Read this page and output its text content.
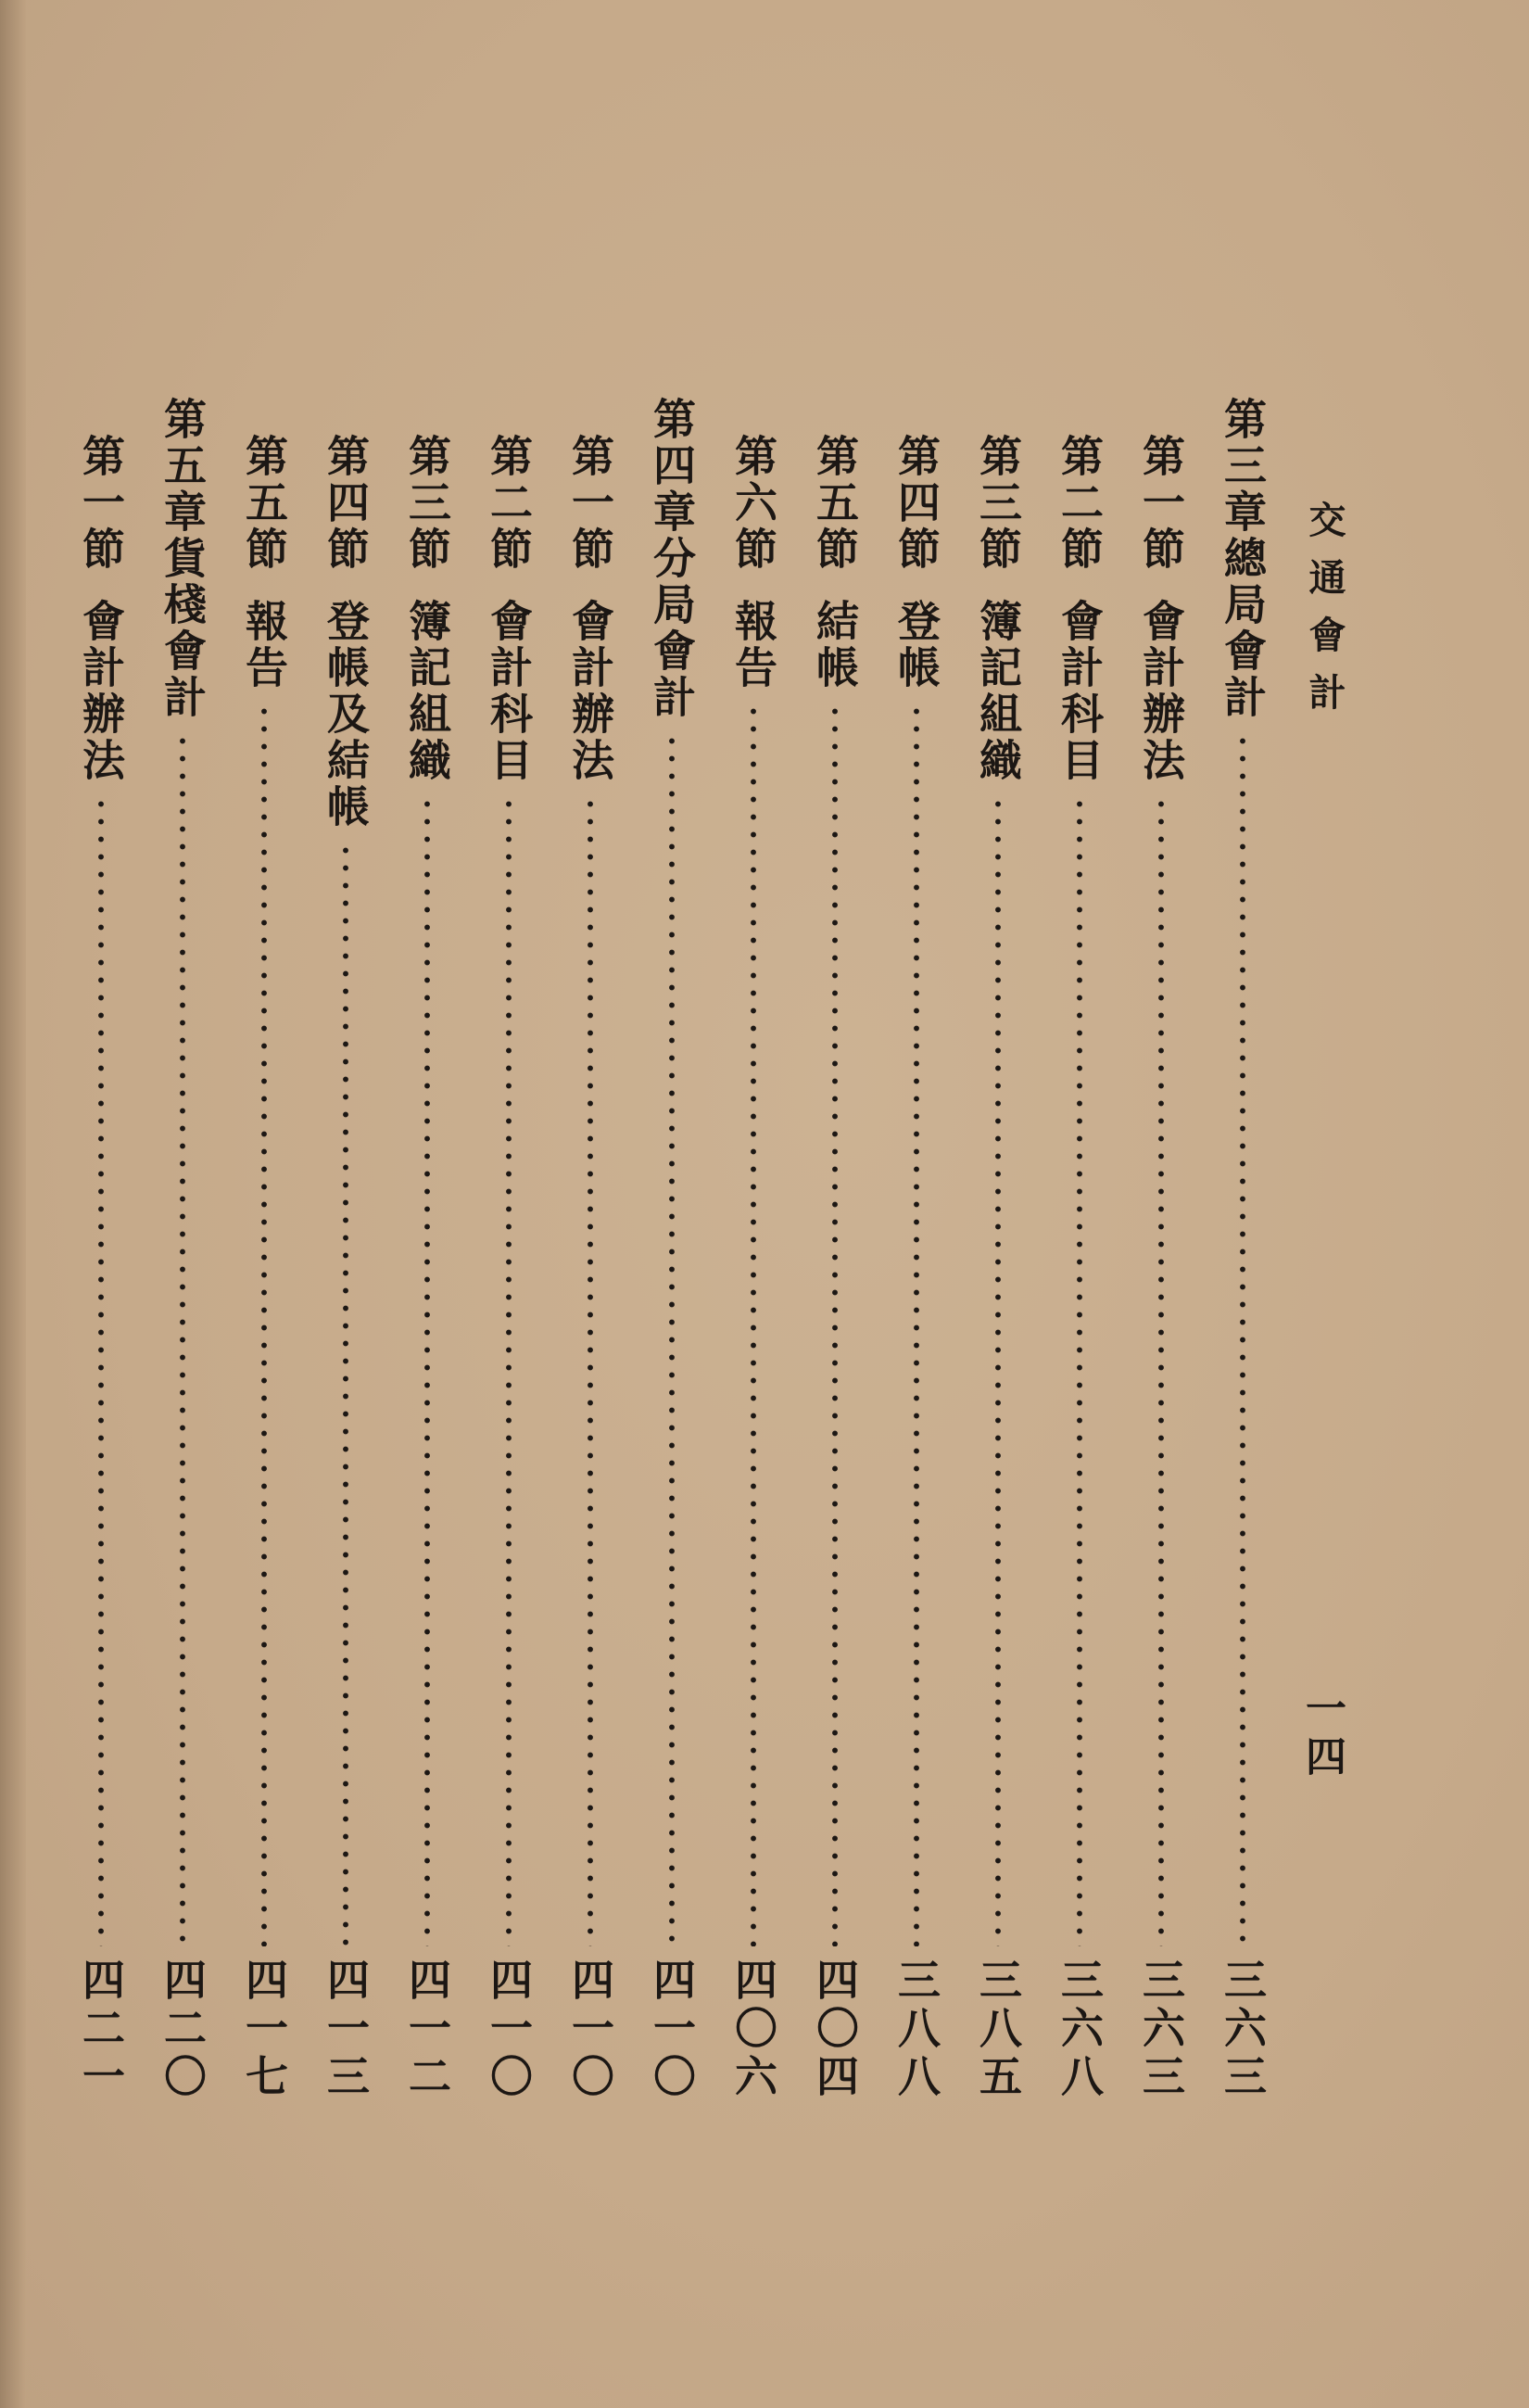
交通會計
一四
第三章
總局會計
三六三
第一節
會計辦法
三六三
第二節
會計科目
三六八
第三節
簿記組織
三八五
第四節
登帳
三八八
第五節
結帳
四〇四
第六節
報告
四〇六
第四章
分局會計
四一〇
第一節
會計辦法
四一〇
第二節
會計科目
四一〇
第三節
簿記組織
四一二
第四節
登帳及結帳
四一三
第五節
報告
四一七
第五章
貨棧會計
四二〇
第一節
會計辦法
四二一
